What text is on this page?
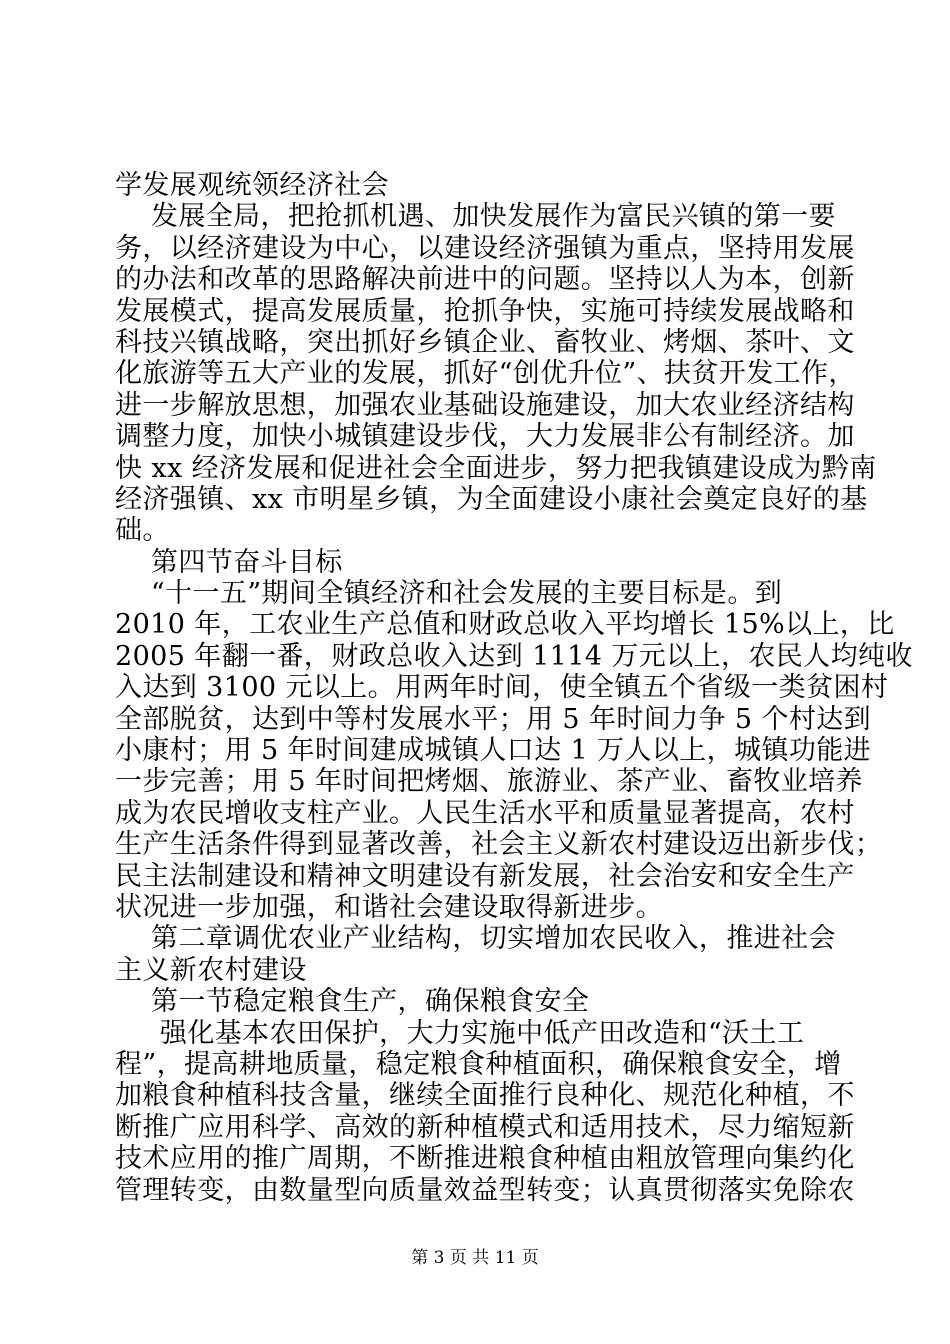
学发展观统领经济社会
发展全局，把抢抓机遇、加快发展作为富民兴镇的第一要
务，以经济建设为中心，以建设经济强镇为重点，坚持用发展
的办法和改革的思路解决前进中的问题。坚持以人为本，创新
发展模式，提高发展质量，抢抓争快，实施可持续发展战略和
科技兴镇战略，突出抓好乡镇企业、畜牧业、烤烟、茶叶、文
化旅游等五大产业的发展，抓好“创优升位”、扶贫开发工作，
进一步解放思想，加强农业基础设施建设，加大农业经济结构
调整力度，加快小城镇建设步伐，大力发展非公有制经济。加
快 xx 经济发展和促进社会全面进步，努力把我镇建设成为黔南
经济强镇、xx 市明星乡镇，为全面建设小康社会奠定良好的基
础。
第四节奋斗目标
“十一五”期间全镇经济和社会发展的主要目标是。到
2010 年，工农业生产总值和财政总收入平均增长 15%以上，比
2005 年翻一番，财政总收入达到 1114 万元以上，农民人均纯收
入达到 3100 元以上。用两年时间，使全镇五个省级一类贫困村
全部脱贫，达到中等村发展水平；用 5 年时间力争 5 个村达到
小康村；用 5 年时间建成城镇人口达 1 万人以上，城镇功能进
一步完善；用 5 年时间把烤烟、旅游业、茶产业、畜牧业培养
成为农民增收支柱产业。人民生活水平和质量显著提高，农村
生产生活条件得到显著改善，社会主义新农村建设迈出新步伐；
民主法制建设和精神文明建设有新发展，社会治安和安全生产
状况进一步加强，和谐社会建设取得新进步。
第二章调优农业产业结构，切实增加农民收入，推进社会
主义新农村建设
第一节稳定粮食生产，确保粮食安全
强化基本农田保护，大力实施中低产田改造和“沃土工
程”，提高耕地质量，稳定粮食种植面积，确保粮食安全，增
加粮食种植科技含量，继续全面推行良种化、规范化种植，不
断推广应用科学、高效的新种植模式和适用技术，尽力缩短新
技术应用的推广周期，不断推进粮食种植由粗放管理向集约化
管理转变，由数量型向质量效益型转变；认真贯彻落实免除农
第 3 页 共 11 页
